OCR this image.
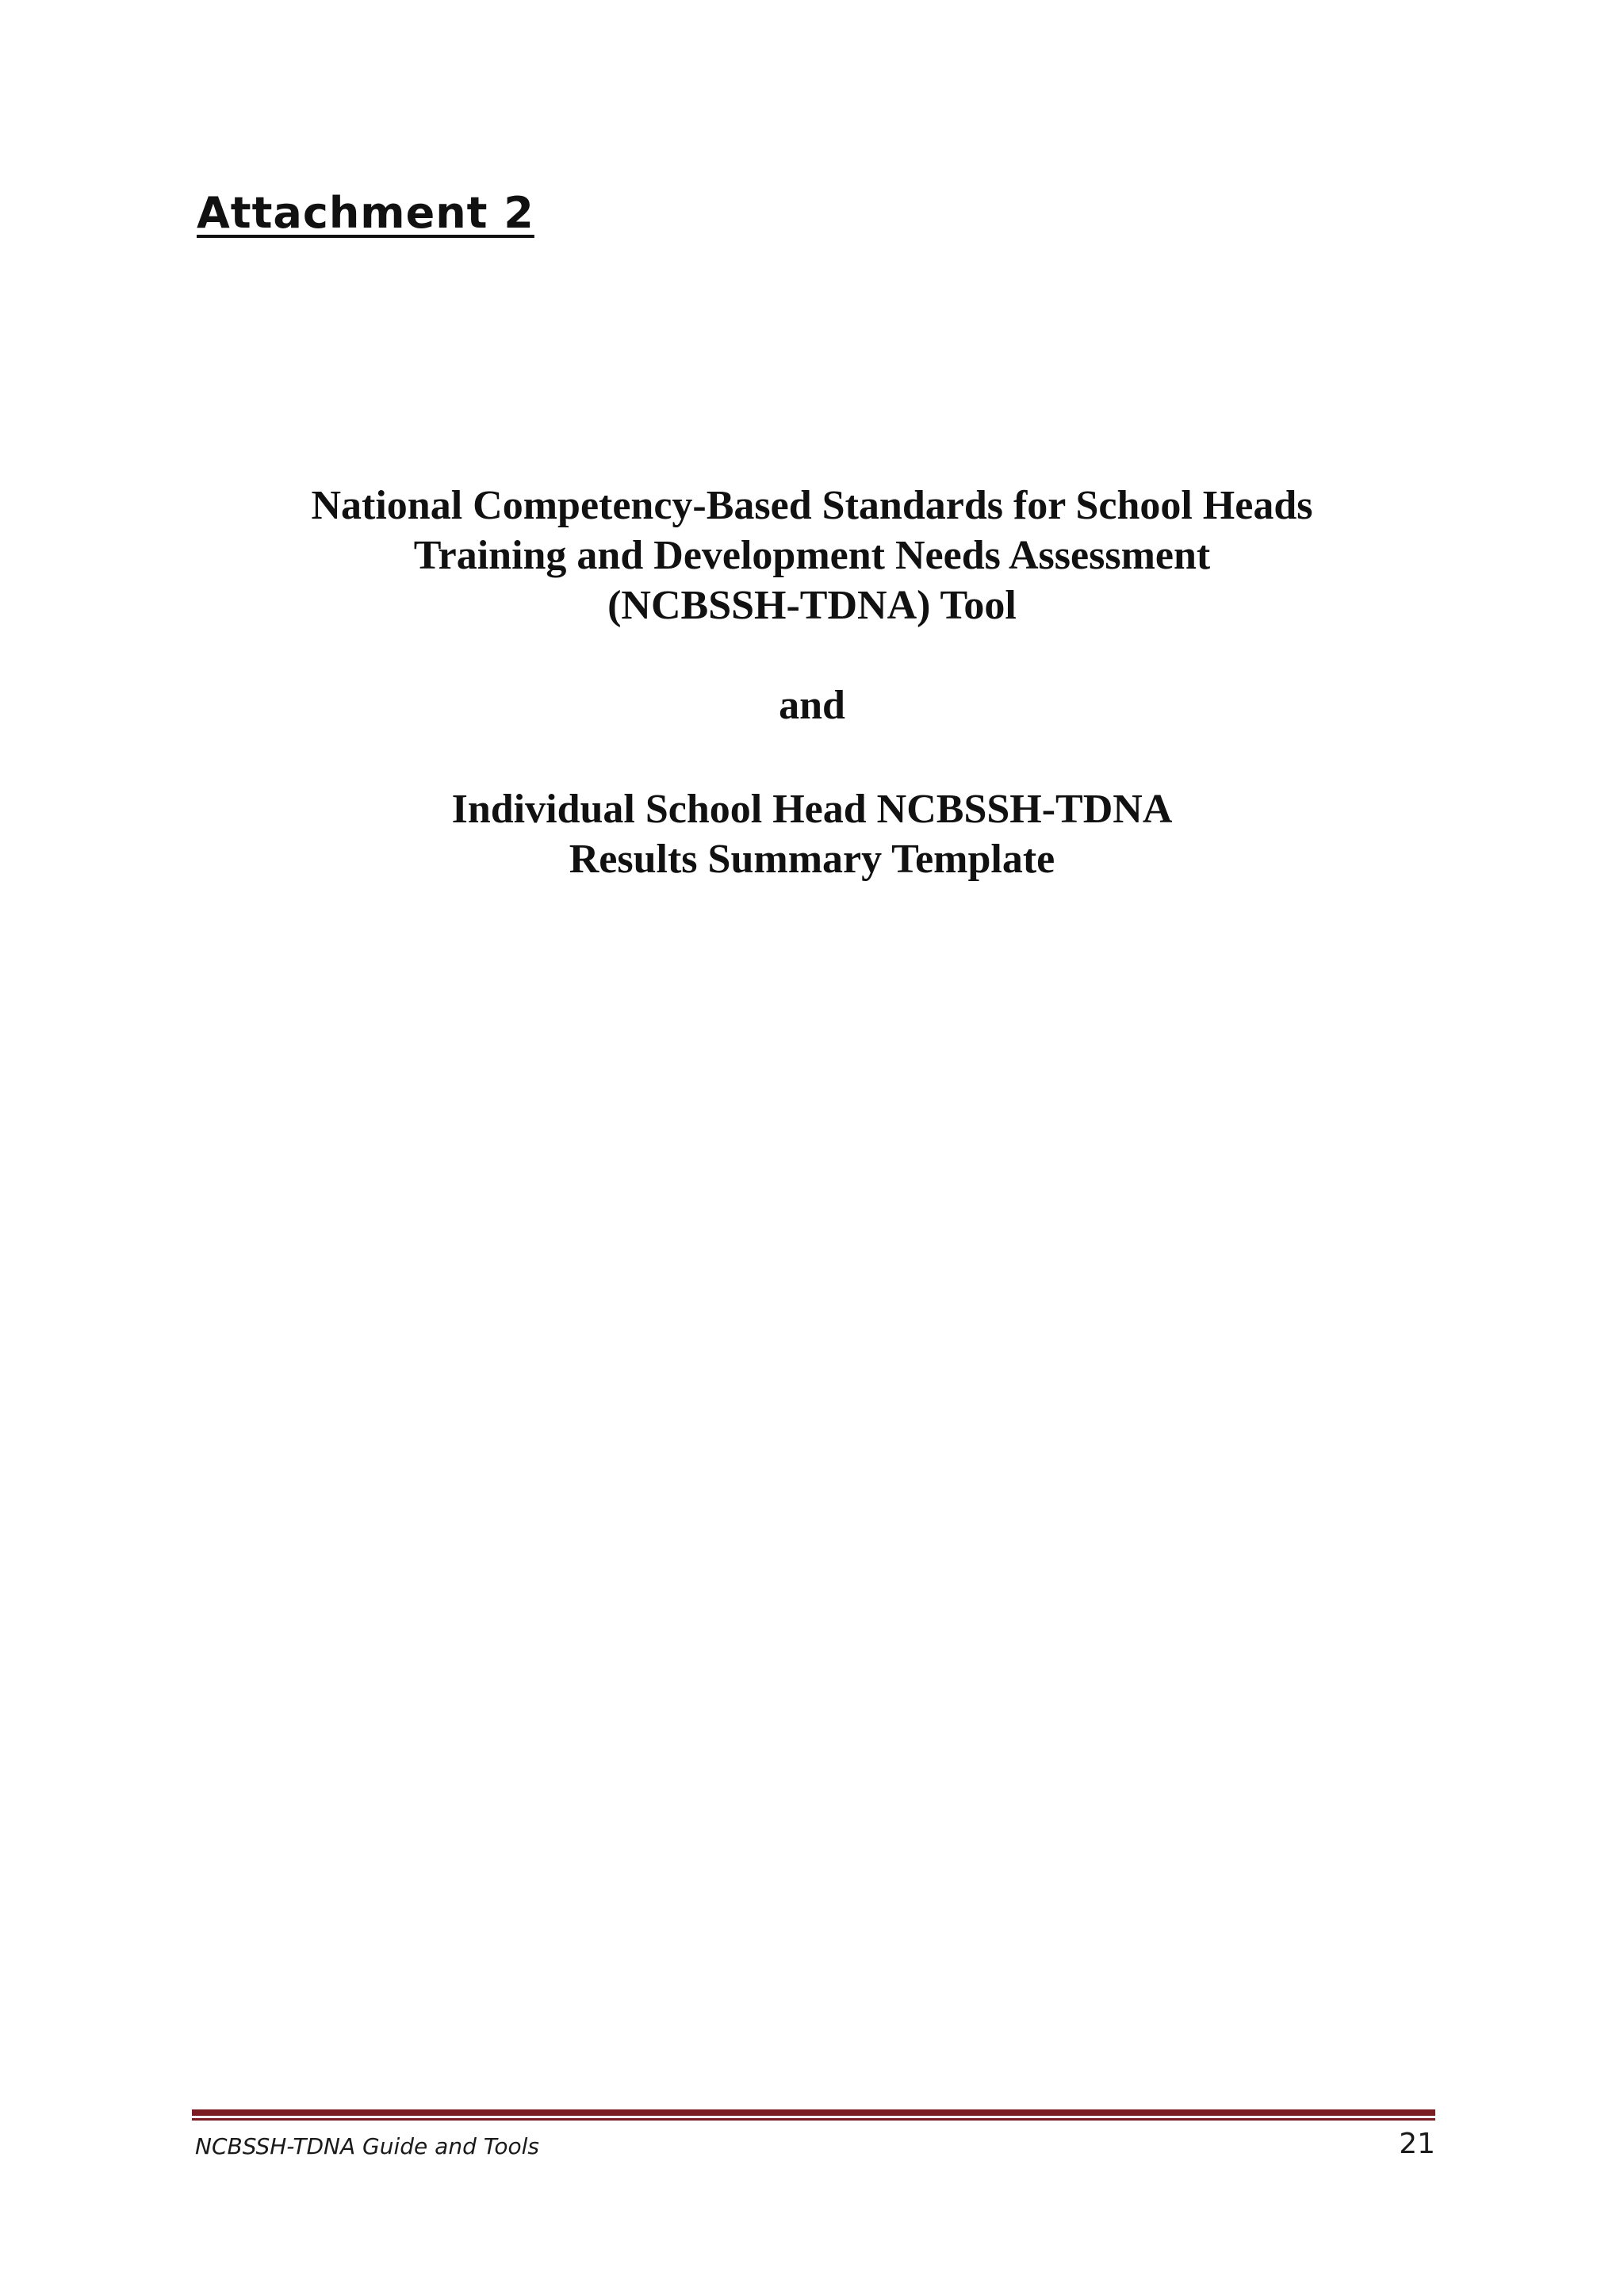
Attachment 2
National Competency-Based Standards for School Heads
Training and Development Needs Assessment
(NCBSSH-TDNA) Tool
and
Individual School Head NCBSSH-TDNA
Results Summary Template
NCBSSH-TDNA Guide and Tools	21
